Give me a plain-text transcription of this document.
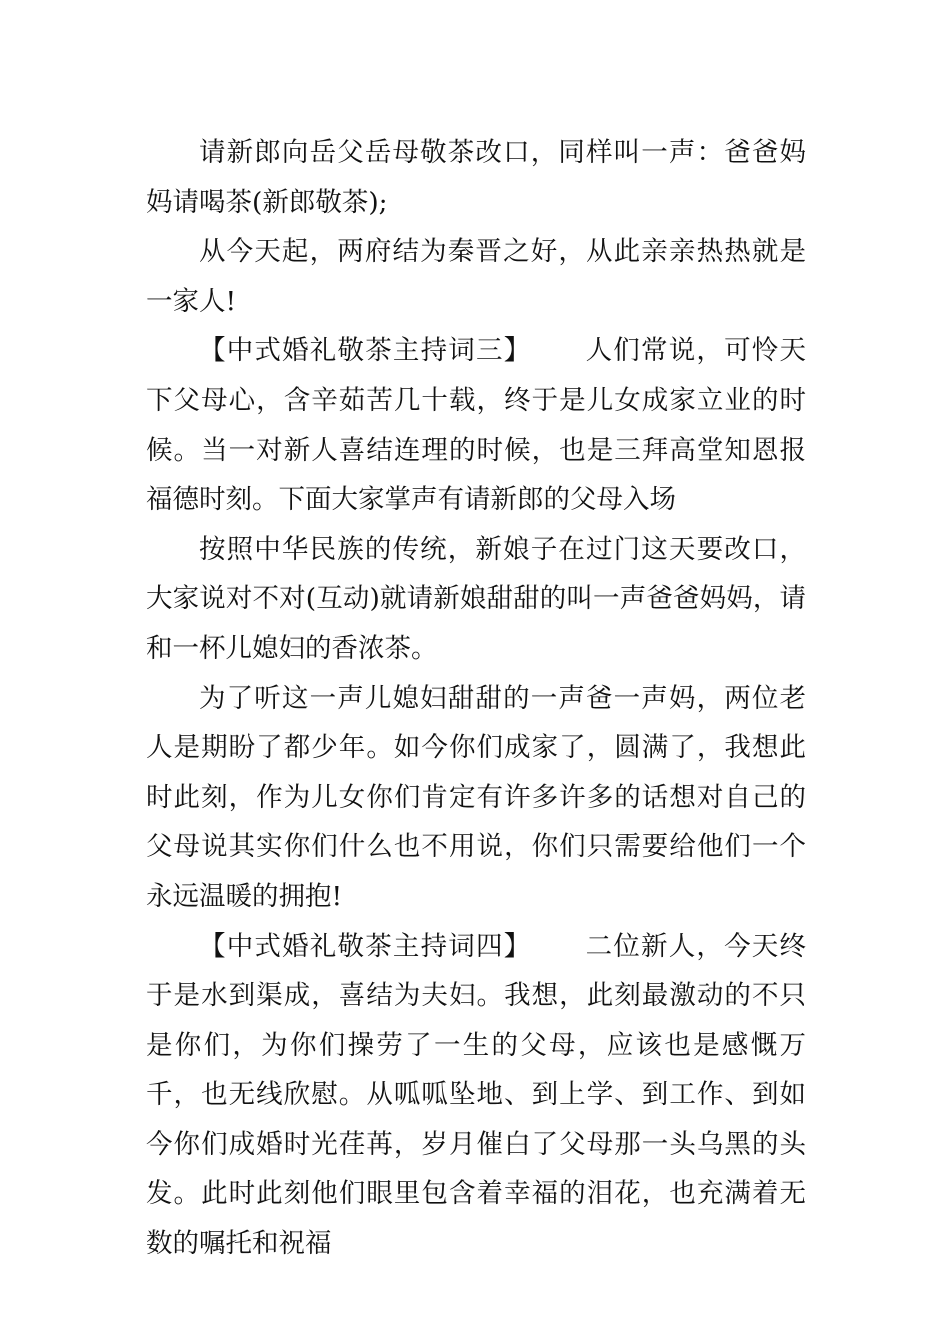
请新郎向岳父岳母敬茶改口，同样叫一声：爸爸妈妈请喝茶(新郎敬茶);

从今天起，两府结为秦晋之好，从此亲亲热热就是一家人!

【中式婚礼敬茶主持词三】 人们常说，可怜天下父母心，含辛茹苦几十载，终于是儿女成家立业的时候。当一对新人喜结连理的时候，也是三拜高堂知恩报福德时刻。下面大家掌声有请新郎的父母入场

按照中华民族的传统，新娘子在过门这天要改口，大家说对不对(互动)就请新娘甜甜的叫一声爸爸妈妈，请和一杯儿媳妇的香浓茶。

为了听这一声儿媳妇甜甜的一声爸一声妈，两位老人是期盼了都少年。如今你们成家了，圆满了，我想此时此刻，作为儿女你们肯定有许多许多的话想对自己的父母说其实你们什么也不用说，你们只需要给他们一个永远温暖的拥抱!

【中式婚礼敬茶主持词四】 二位新人，今天终于是水到渠成，喜结为夫妇。我想，此刻最激动的不只是你们，为你们操劳了一生的父母，应该也是感慨万千，也无线欣慰。从呱呱坠地、到上学、到工作、到如今你们成婚时光荏苒，岁月催白了父母那一头乌黑的头发。此时此刻他们眼里包含着幸福的泪花，也充满着无数的嘱托和祝福
